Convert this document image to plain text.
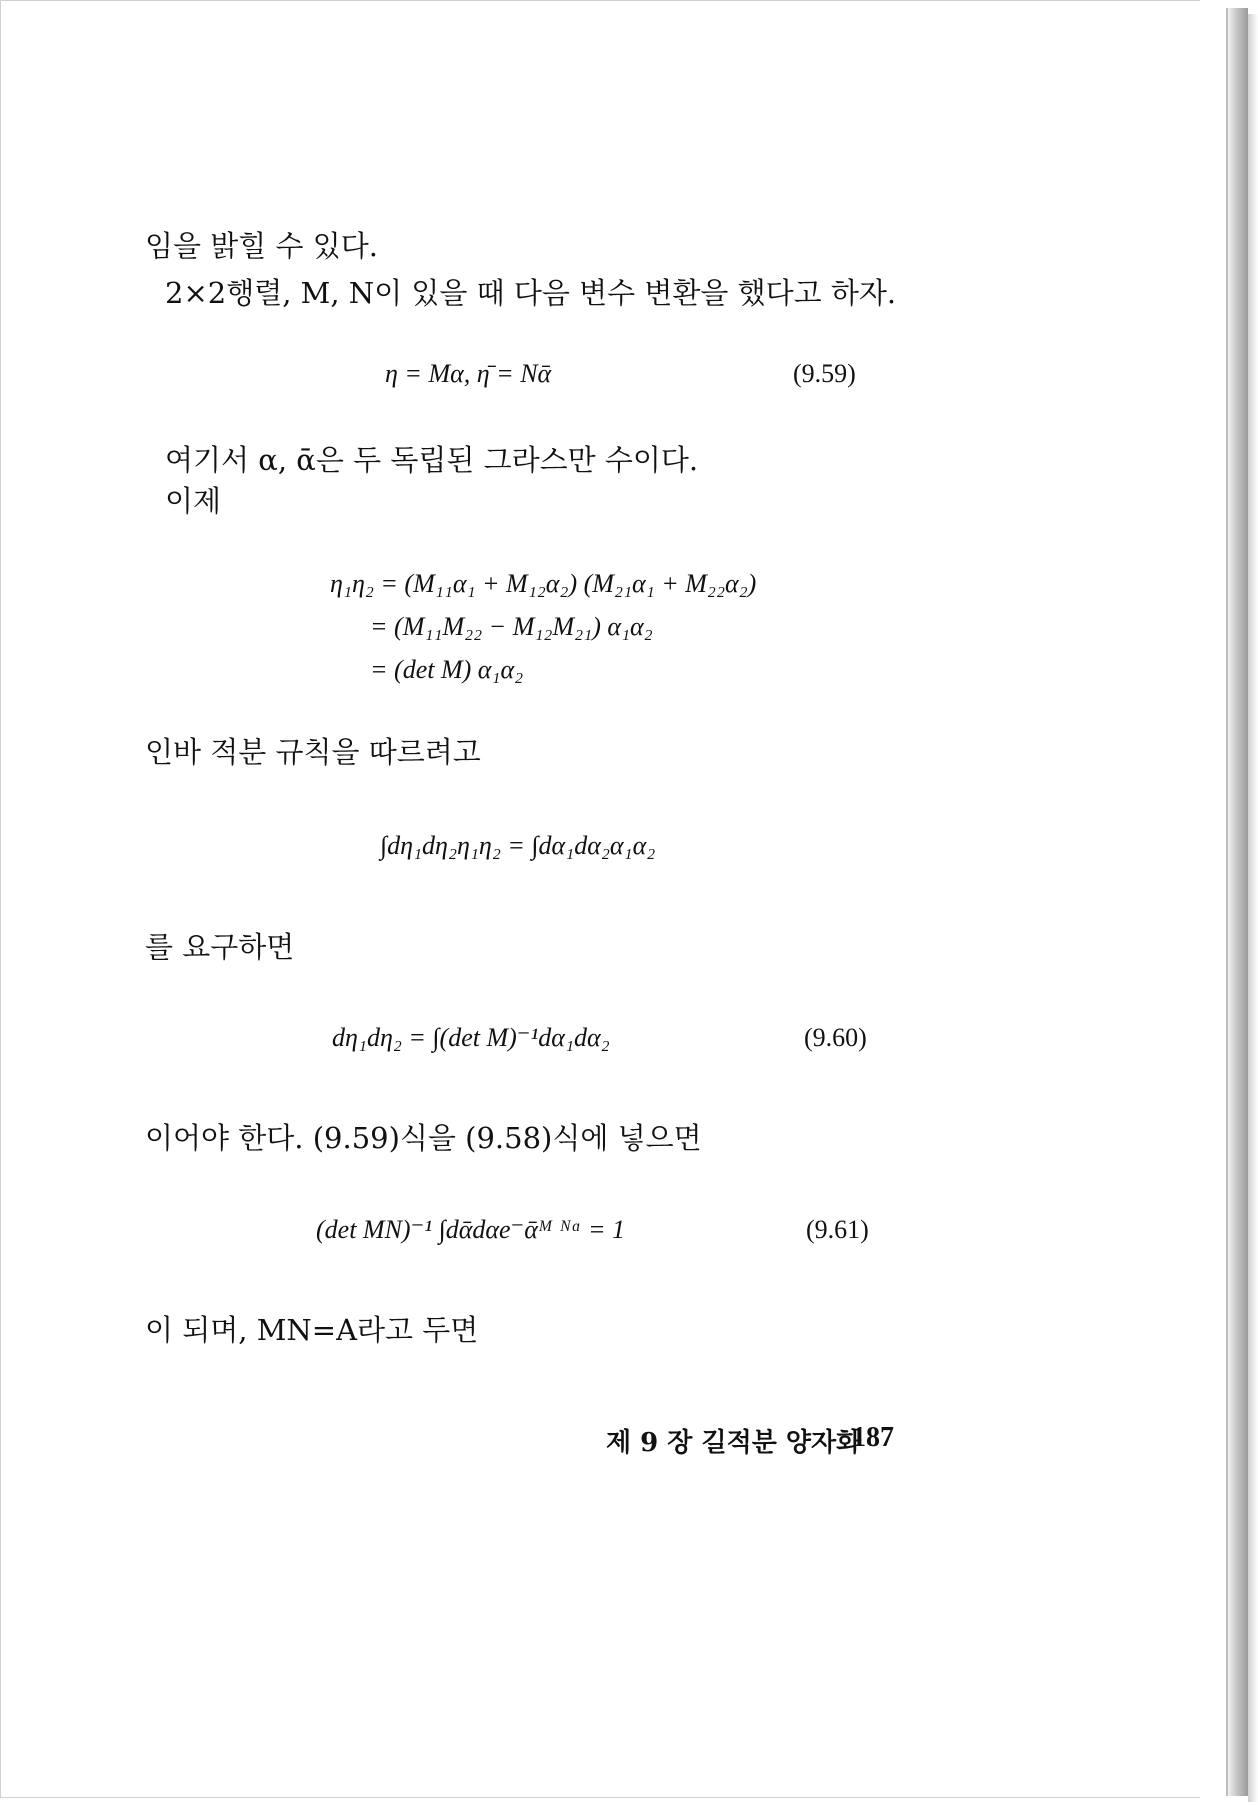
임을 밝힐 수 있다.
2×2행렬, M, N이 있을 때 다음 변수 변환을 했다고 하자.
η = Mα, η̄ = Nᾱ	(9.59)
여기서 α, ᾱ은 두 독립된 그라스만 수이다.
이제
η₁η₂ = (M₁₁α₁ + M₁₂α₂) (M₂₁α₁ + M₂₂α₂)
= (M₁₁M₂₂ − M₁₂M₂₁) α₁α₂
= (det M) α₁α₂
인바 적분 규칙을 따르려고
∫dη₁dη₂η₁η₂ = ∫dα₁dα₂α₁α₂
를 요구하면
dη₁dη₂ = ∫(det M)⁻¹dα₁dα₂	(9.60)
이어야 한다. (9.59)식을 (9.58)식에 넣으면
(det MN)⁻¹ ∫dᾱdαe⁻ᾱᴹ ᴺᵅ = 1	(9.61)
이 되며, MN=A라고 두면
제 9 장 길적분 양자화
187
